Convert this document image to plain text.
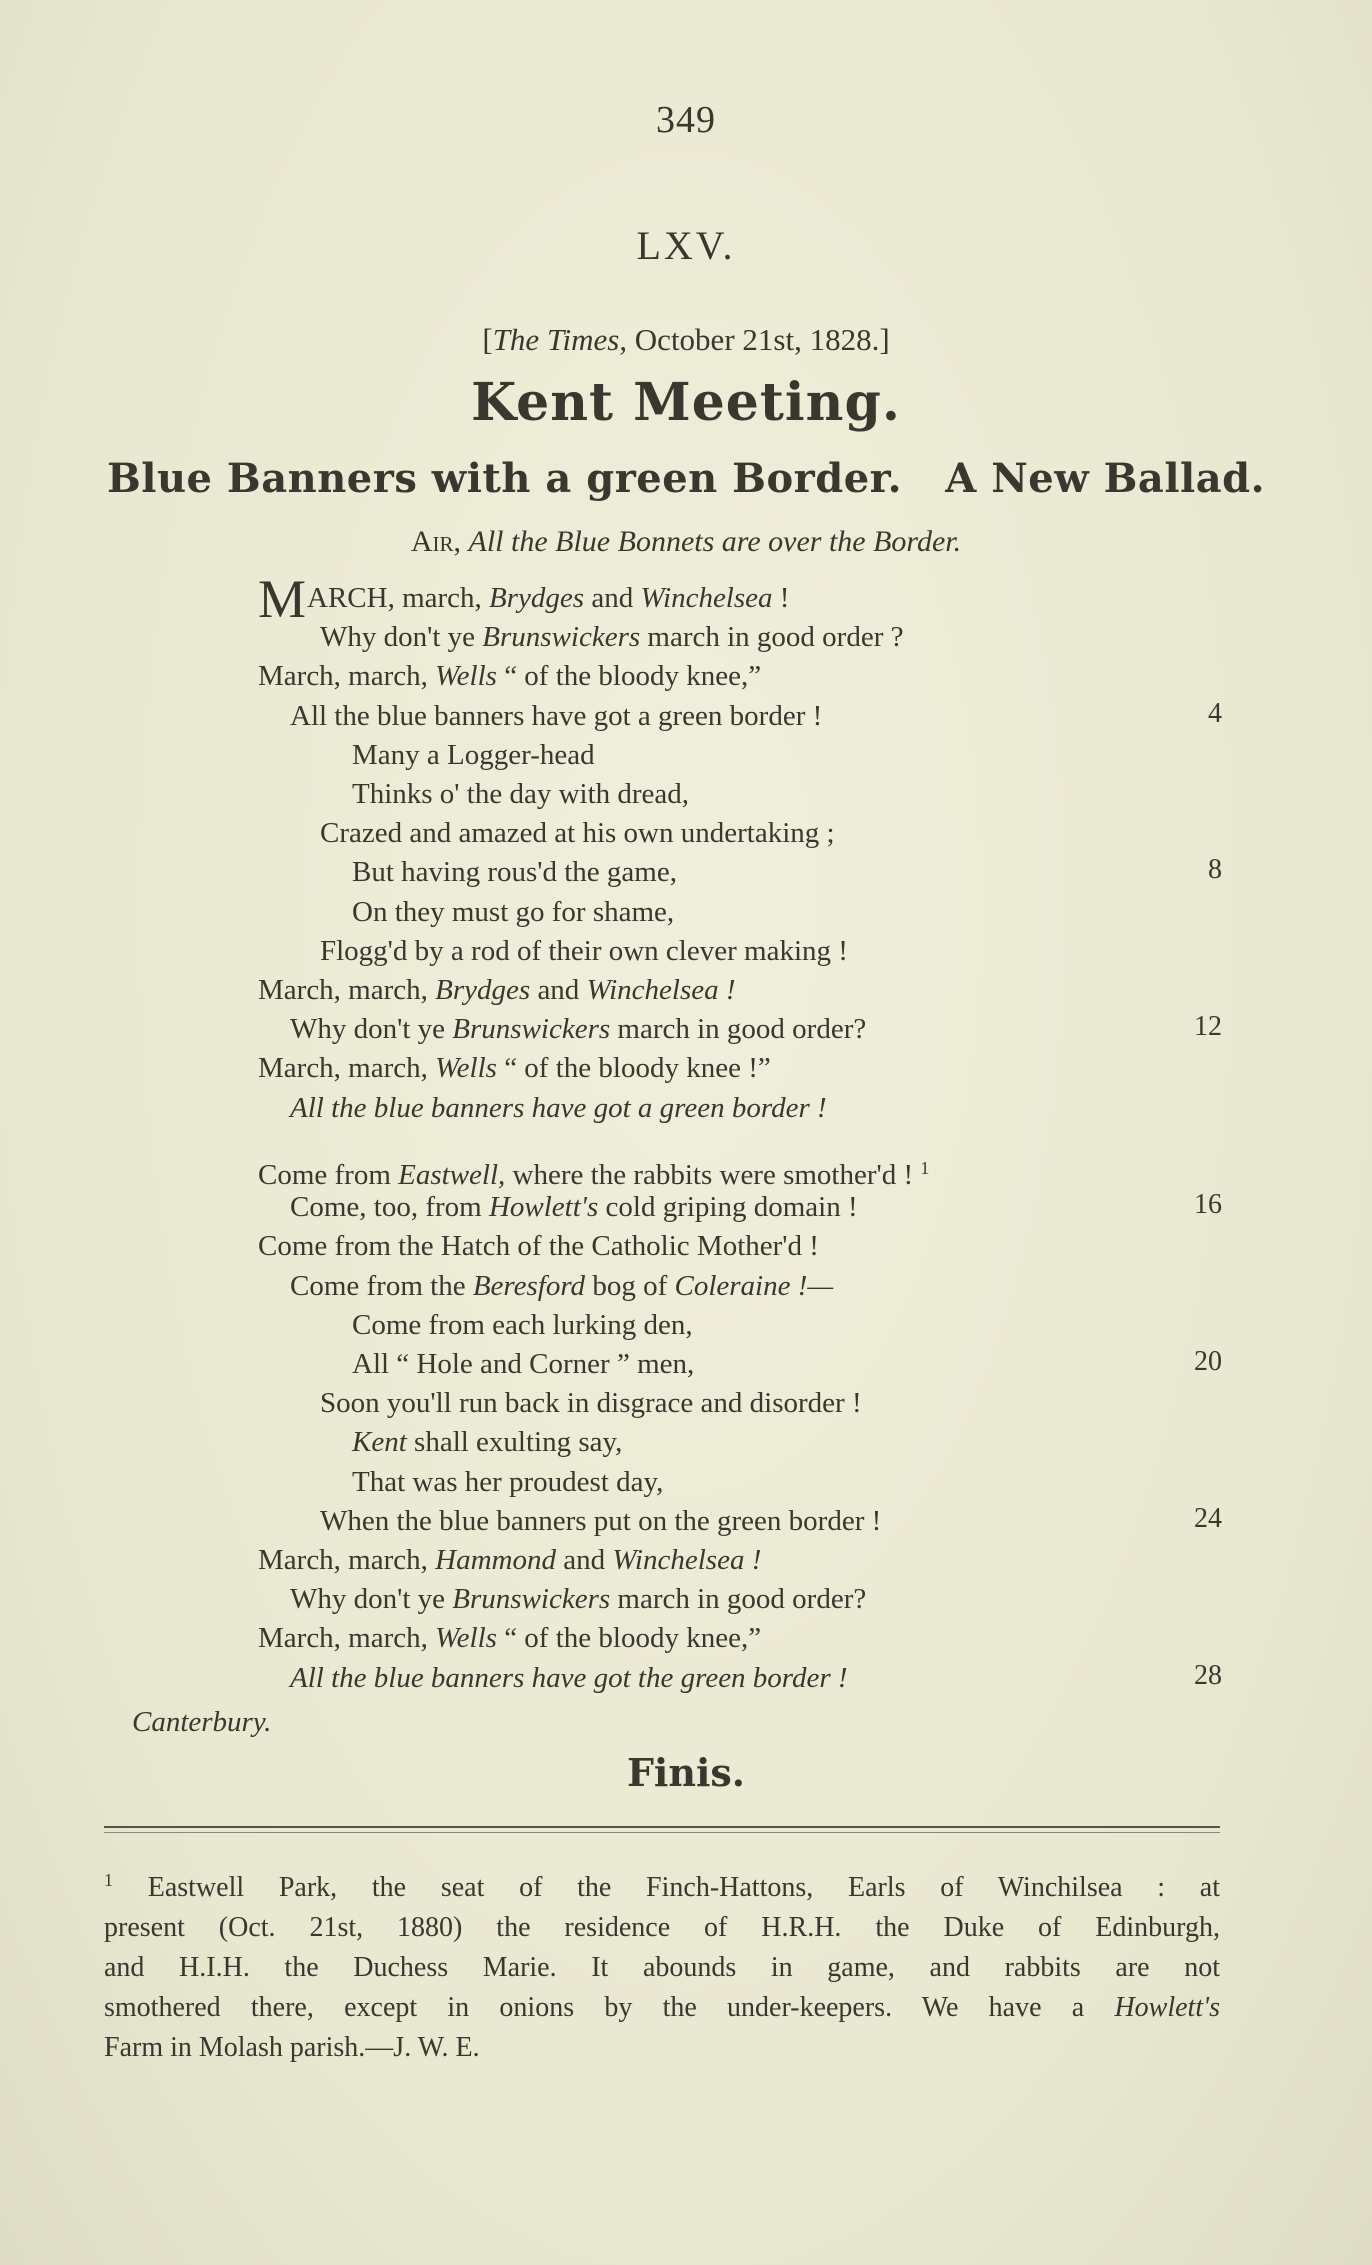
349
LXV.
[The Times, October 21st, 1828.]
Kent Meeting.
Blue Banners with a green Border.   A New Ballad.
Air, All the Blue Bonnets are over the Border.
MARCH, march, Brydges and Winchelsea !
Why don't ye Brunswickers march in good order ?
March, march, Wells “ of the bloody knee,”
All the blue banners have got a green border !	4
Many a Logger-head
Thinks o' the day with dread,
Crazed and amazed at his own undertaking ;
But having rous'd the game,	8
On they must go for shame,
Flogg'd by a rod of their own clever making !
March, march, Brydges and Winchelsea !
Why don't ye Brunswickers march in good order?	12
March, march, Wells “ of the bloody knee !”
All the blue banners have got a green border !
Come from Eastwell, where the rabbits were smother'd ! $^1$
Come, too, from Howlett's cold griping domain !	16
Come from the Hatch of the Catholic Mother'd !
Come from the Beresford bog of Coleraine !—
Come from each lurking den,
All “ Hole and Corner ” men,	20
Soon you'll run back in disgrace and disorder !
Kent shall exulting say,
That was her proudest day,
When the blue banners put on the green border !	24
March, march, Hammond and Winchelsea !
Why don't ye Brunswickers march in good order?
March, march, Wells “ of the bloody knee,”
All the blue banners have got the green border !	28
Canterbury.
Finis.
$^1$ Eastwell Park, the seat of the Finch-Hattons, Earls of Winchilsea : at
present (Oct. 21st, 1880) the residence of H.R.H. the Duke of Edinburgh,
and H.I.H. the Duchess Marie. It abounds in game, and rabbits are not
smothered there, except in onions by the under-keepers. We have a Howlett's
Farm in Molash parish.—J. W. E.
